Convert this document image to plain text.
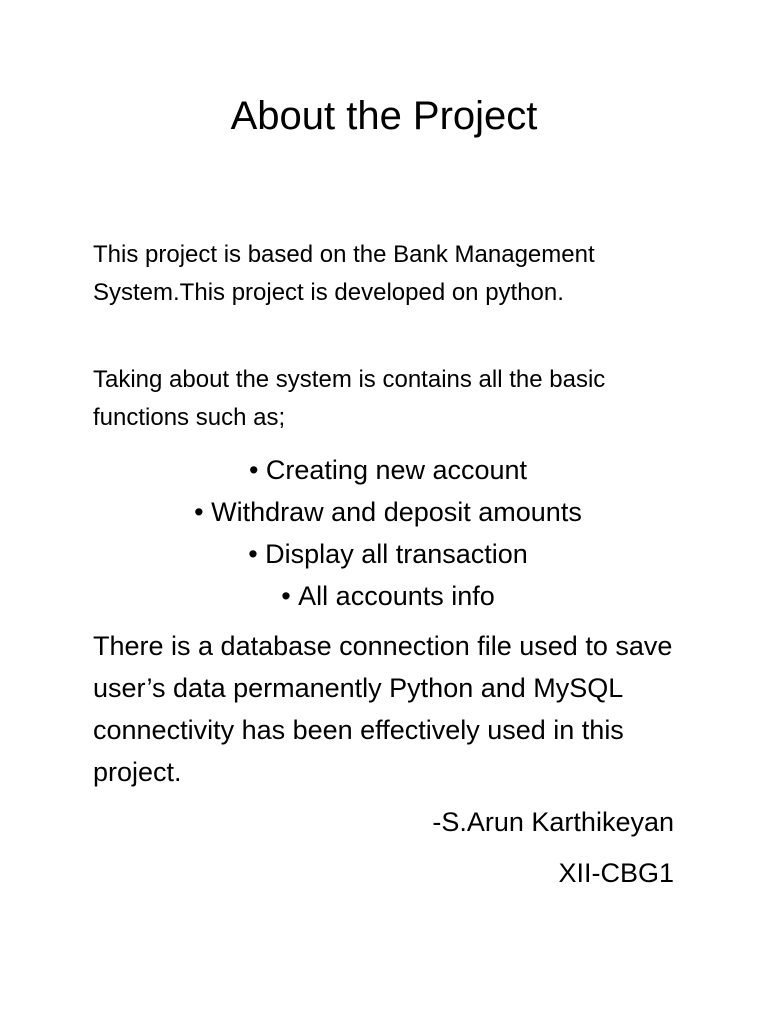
About the Project

This project is based on the Bank Management System.This project is developed on python.

Taking about the system is contains all the basic functions such as;

• Creating new account
• Withdraw and deposit amounts
• Display all transaction
• All accounts info

There is a database connection file used to save user’s data permanently Python and MySQL connectivity has been effectively used in this project.

-S.Arun Karthikeyan

XII-CBG1
